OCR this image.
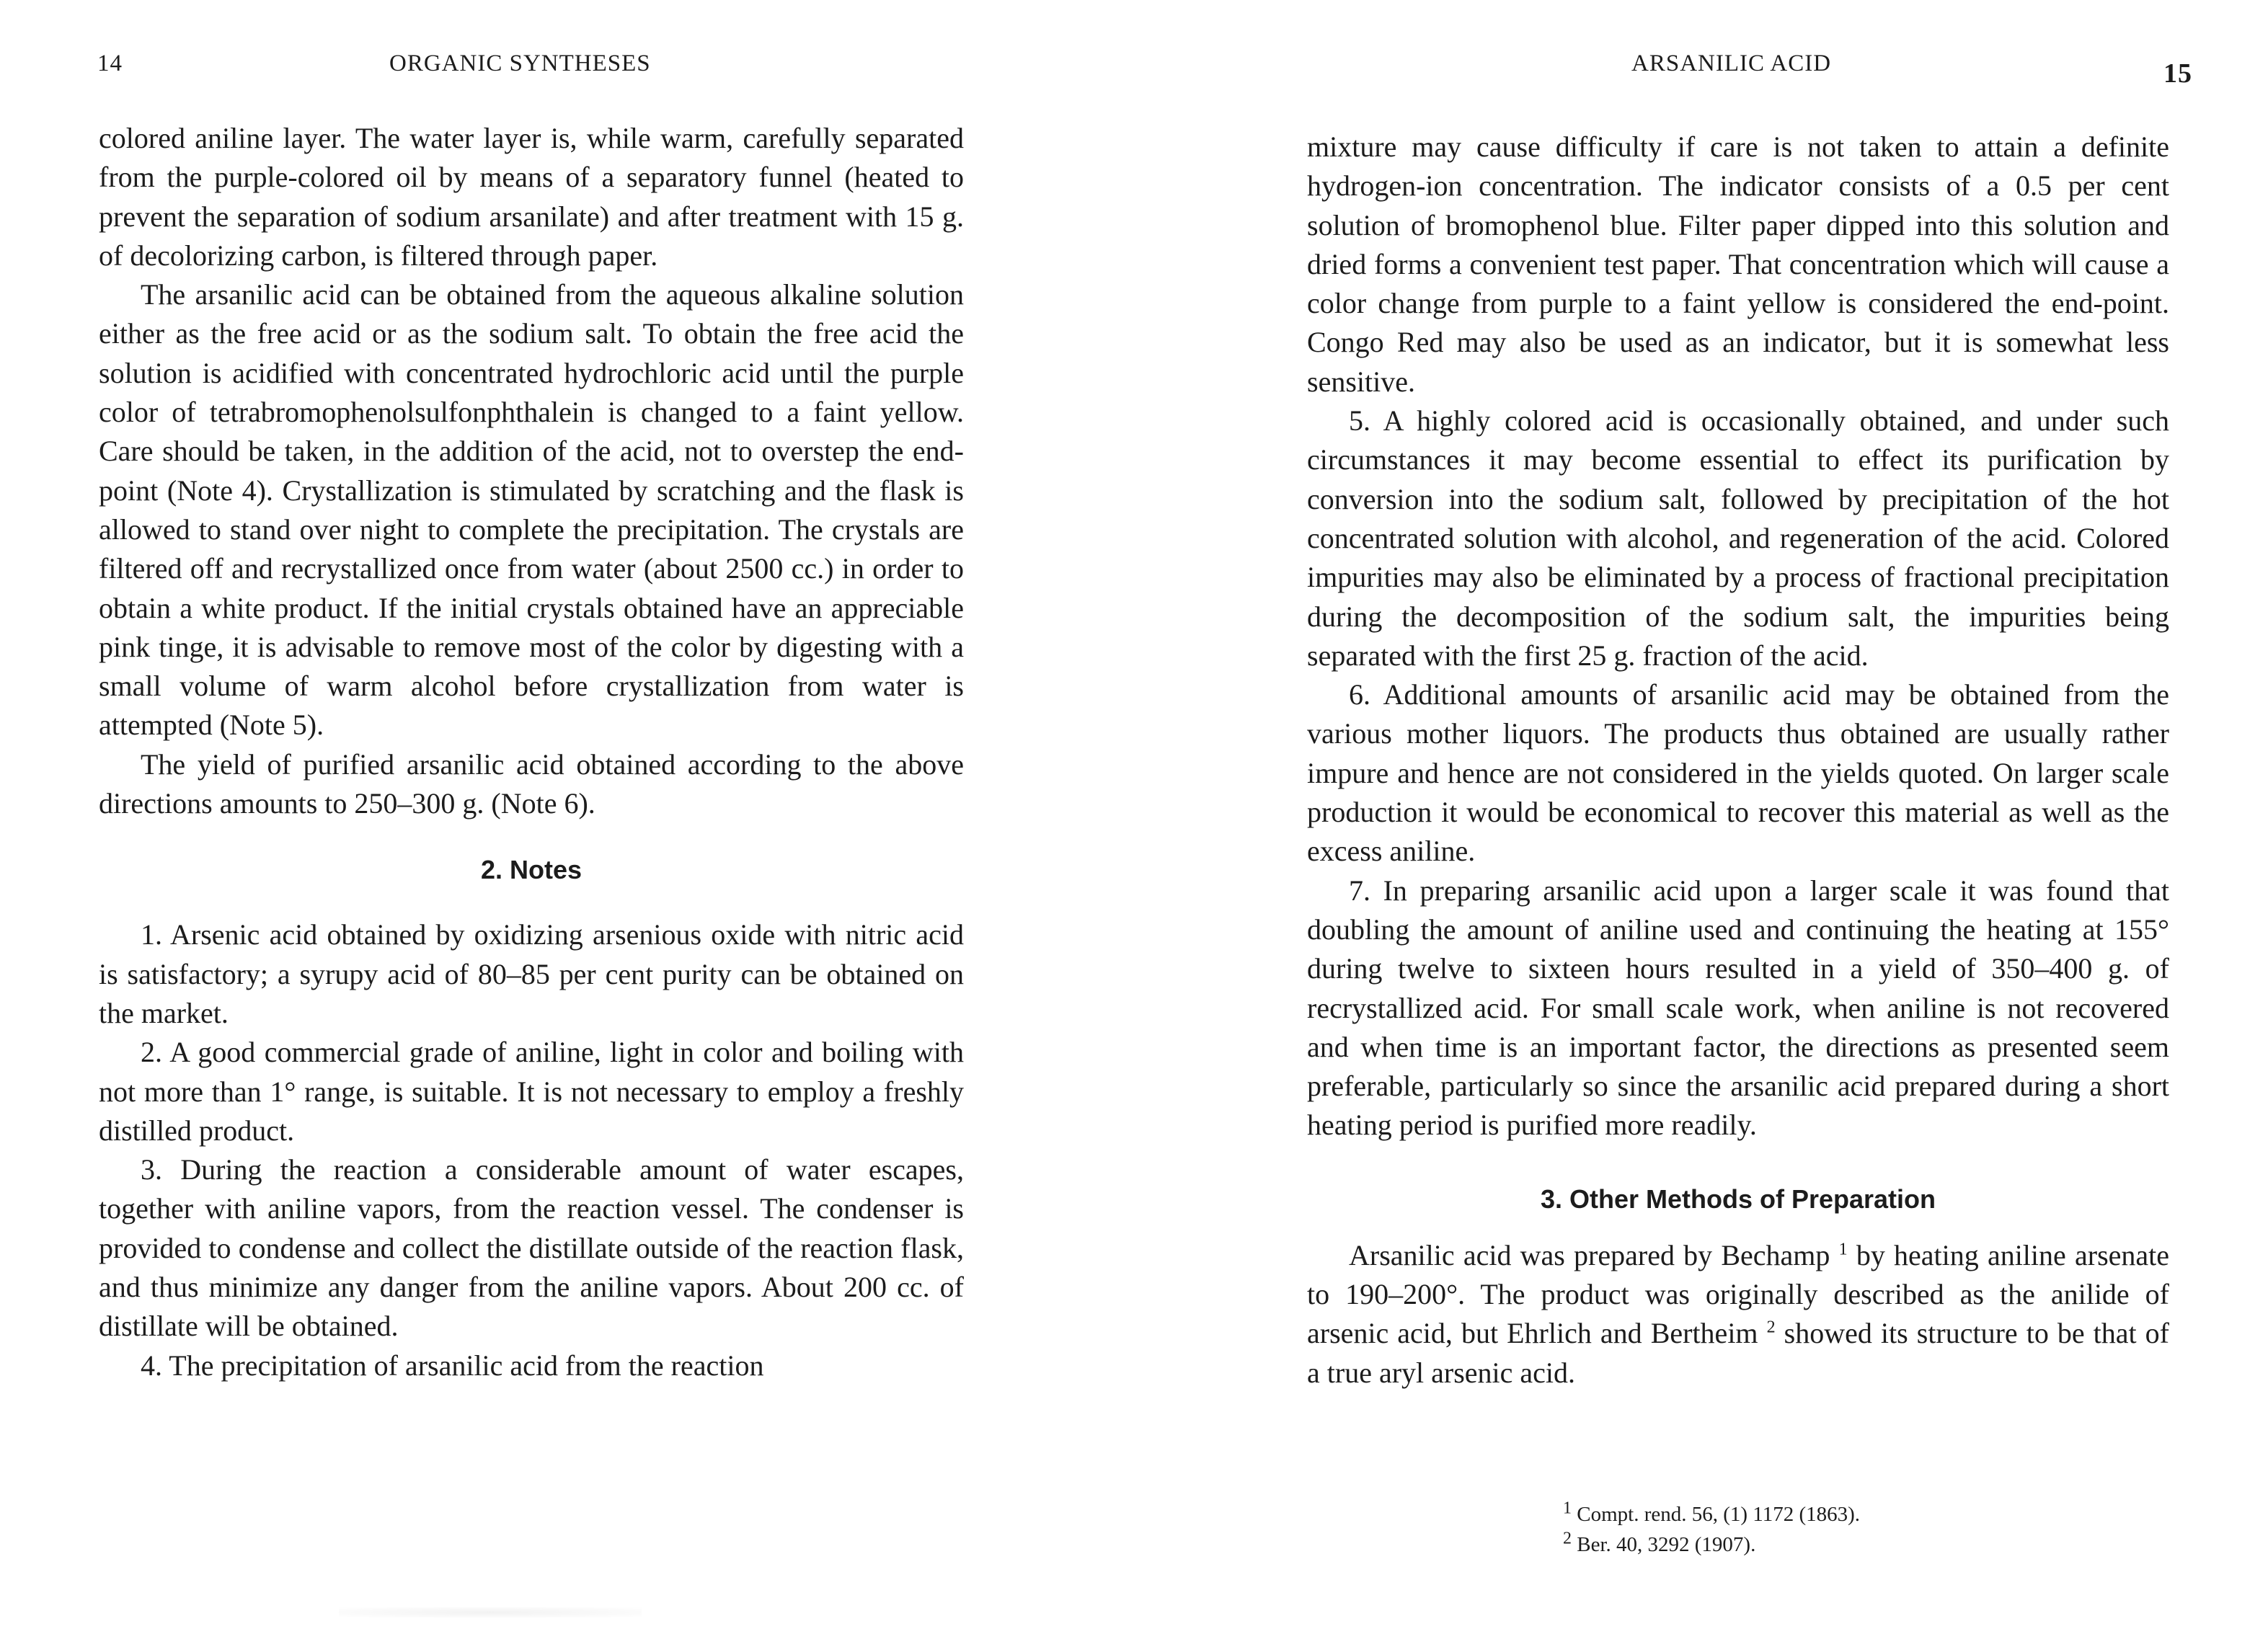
14	ORGANIC SYNTHESES

colored aniline layer. The water layer is, while warm, carefully separated from the purple-colored oil by means of a separatory funnel (heated to prevent the separation of sodium arsanilate) and after treatment with 15 g. of decolorizing carbon, is filtered through paper.

The arsanilic acid can be obtained from the aqueous alkaline solution either as the free acid or as the sodium salt. To obtain the free acid the solution is acidified with concentrated hydrochloric acid until the purple color of tetrabromophenolsulfonphthalein is changed to a faint yellow. Care should be taken, in the addition of the acid, not to overstep the end-point (Note 4). Crystallization is stimulated by scratching and the flask is allowed to stand over night to complete the precipitation. The crystals are filtered off and recrystallized once from water (about 2500 cc.) in order to obtain a white product. If the initial crystals obtained have an appreciable pink tinge, it is advisable to remove most of the color by digesting with a small volume of warm alcohol before crystallization from water is attempted (Note 5).

The yield of purified arsanilic acid obtained according to the above directions amounts to 250–300 g. (Note 6).

2. Notes

1. Arsenic acid obtained by oxidizing arsenious oxide with nitric acid is satisfactory; a syrupy acid of 80–85 per cent purity can be obtained on the market.

2. A good commercial grade of aniline, light in color and boiling with not more than 1° range, is suitable. It is not necessary to employ a freshly distilled product.

3. During the reaction a considerable amount of water escapes, together with aniline vapors, from the reaction vessel. The condenser is provided to condense and collect the distillate outside of the reaction flask, and thus minimize any danger from the aniline vapors. About 200 cc. of distillate will be obtained.

4. The precipitation of arsanilic acid from the reaction

ARSANILIC ACID	15

mixture may cause difficulty if care is not taken to attain a definite hydrogen-ion concentration. The indicator consists of a 0.5 per cent solution of bromophenol blue. Filter paper dipped into this solution and dried forms a convenient test paper. That concentration which will cause a color change from purple to a faint yellow is considered the end-point. Congo Red may also be used as an indicator, but it is somewhat less sensitive.

5. A highly colored acid is occasionally obtained, and under such circumstances it may become essential to effect its purification by conversion into the sodium salt, followed by precipitation of the hot concentrated solution with alcohol, and regeneration of the acid. Colored impurities may also be eliminated by a process of fractional precipitation during the decomposition of the sodium salt, the impurities being separated with the first 25 g. fraction of the acid.

6. Additional amounts of arsanilic acid may be obtained from the various mother liquors. The products thus obtained are usually rather impure and hence are not considered in the yields quoted. On larger scale production it would be economical to recover this material as well as the excess aniline.

7. In preparing arsanilic acid upon a larger scale it was found that doubling the amount of aniline used and continuing the heating at 155° during twelve to sixteen hours resulted in a yield of 350–400 g. of recrystallized acid. For small scale work, when aniline is not recovered and when time is an important factor, the directions as presented seem preferable, particularly so since the arsanilic acid prepared during a short heating period is purified more readily.

3. Other Methods of Preparation

Arsanilic acid was prepared by Bechamp $^1$ by heating aniline arsenate to 190–200°. The product was originally described as the anilide of arsenic acid, but Ehrlich and Bertheim $^2$ showed its structure to be that of a true aryl arsenic acid.

$^1$ Compt. rend. 56, (1) 1172 (1863).
$^2$ Ber. 40, 3292 (1907).
